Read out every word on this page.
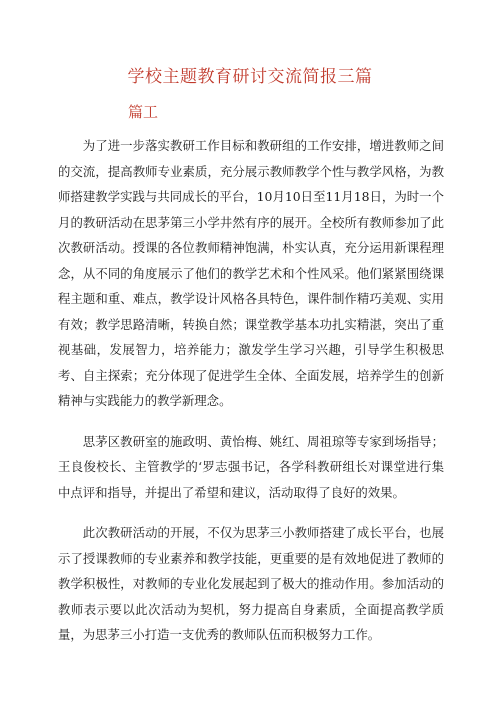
学校主题教育研讨交流简报三篇
篇工

为了进一步落实教研工作目标和教研组的工作安排，增进教师之间的交流，提高教师专业素质，充分展示教师教学个性与教学风格，为教师搭建教学实践与共同成长的平台，10月10日至11月18日，为时一个月的教研活动在思茅第三小学井然有序的展开。全校所有教师参加了此次教研活动。授课的各位教师精神饱满，朴实认真，充分运用新课程理念，从不同的角度展示了他们的教学艺术和个性风采。他们紧紧围绕课程主题和重、难点，教学设计风格各具特色，课件制作精巧美观、实用有效；教学思路清晰，转换自然；课堂教学基本功扎实精湛，突出了重视基础，发展智力，培养能力；激发学生学习兴趣，引导学生积极思考、自主探索；充分体现了促进学生全体、全面发展，培养学生的创新精神与实践能力的教学新理念。

思茅区教研室的施政明、黄怡梅、姚红、周祖琼等专家到场指导；王良俊校长、主管教学的‘罗志强书记，各学科教研组长对课堂进行集中点评和指导，并提出了希望和建议，活动取得了良好的效果。

此次教研活动的开展，不仅为思茅三小教师搭建了成长平台，也展示了授课教师的专业素养和教学技能，更重要的是有效地促进了教师的教学积极性，对教师的专业化发展起到了极大的推动作用。参加活动的教师表示要以此次活动为契机，努力提高自身素质，全面提高教学质量，为思茅三小打造一支优秀的教师队伍而积极努力工作。
